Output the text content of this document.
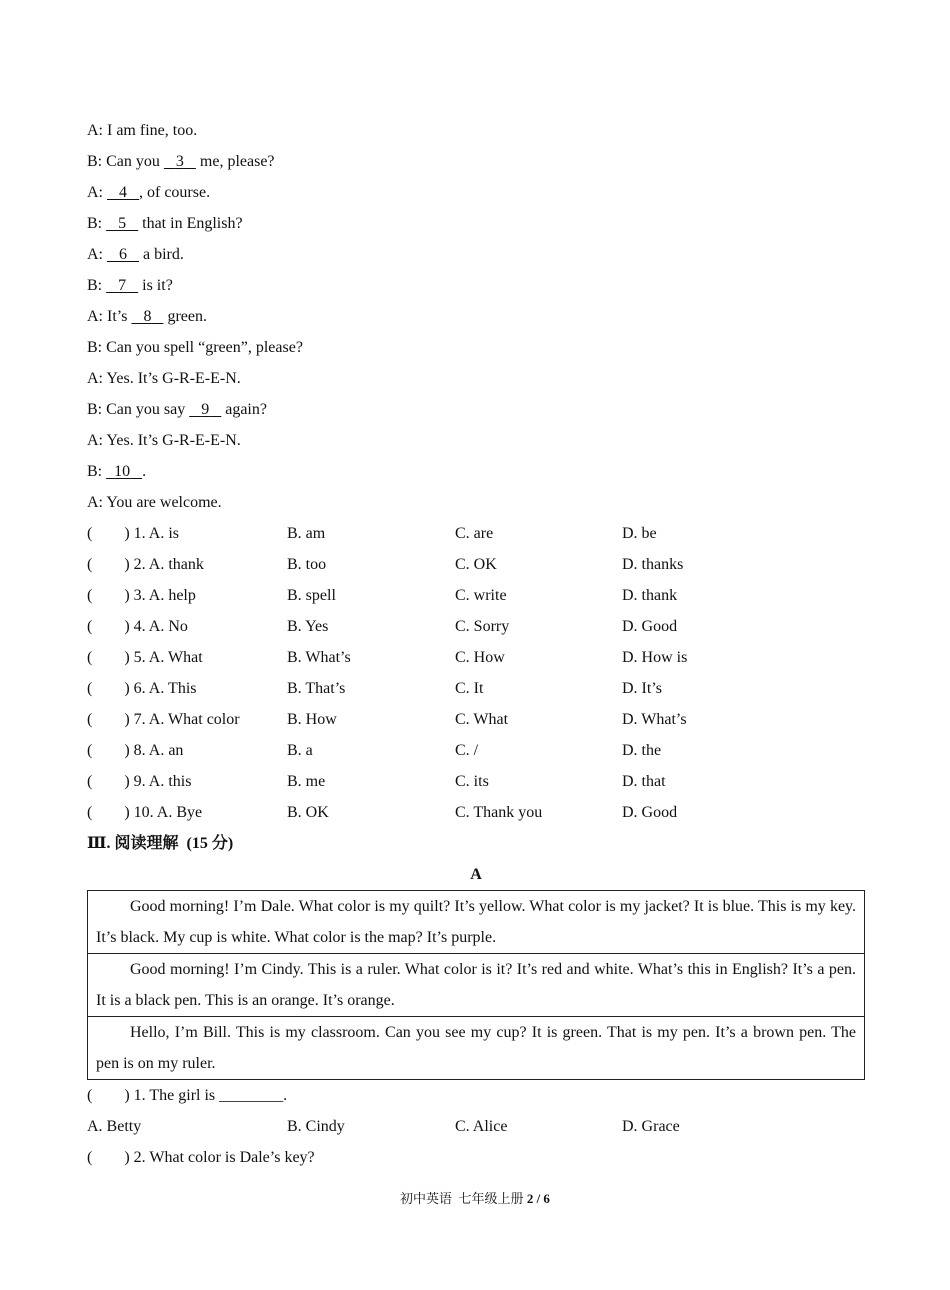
A: I am fine, too.
B: Can you    3    me, please?
A:    4 , of course.
B:    5    that in English?
A:    6    a bird.
B:    7    is it?
A: It’s    8    green.
B: Can you spell “green”, please?
A: Yes. It’s G-R-E-E-N.
B: Can you say    9    again?
A: Yes. It’s G-R-E-E-N.
B:   10 .
A: You are welcome.
(        ) 1. A. is	B. am	C. are	D. be
(        ) 2. A. thank	B. too	C. OK	D. thanks
(        ) 3. A. help	B. spell	C. write	D. thank
(        ) 4. A. No	B. Yes	C. Sorry	D. Good
(        ) 5. A. What	B. What’s	C. How	D. How is
(        ) 6. A. This	B. That’s	C. It	D. It’s
(        ) 7. A. What color	B. How	C. What	D. What’s
(        ) 8. A. an	B. a	C. /	D. the
(        ) 9. A. this	B. me	C. its	D. that
(        ) 10. A. Bye	B. OK	C. Thank you	D. Good
Ⅲ. 阅读理解  (15 分)
A
Good morning! I’m Dale. What color is my quilt? It’s yellow. What color is my jacket? It is blue. This is my key. It’s black. My cup is white. What color is the map? It’s purple.
Good morning! I’m Cindy. This is a ruler. What color is it? It’s red and white. What’s this in English? It’s a pen. It is a black pen. This is an orange. It’s orange.
Hello, I’m Bill. This is my classroom. Can you see my cup? It is green. That is my pen. It’s a brown pen. The pen is on my ruler.
(        ) 1. The girl is ________.
A. Betty	B. Cindy	C. Alice	D. Grace
(        ) 2. What color is Dale’s key?
初中英语  七年级上册 2 / 6
